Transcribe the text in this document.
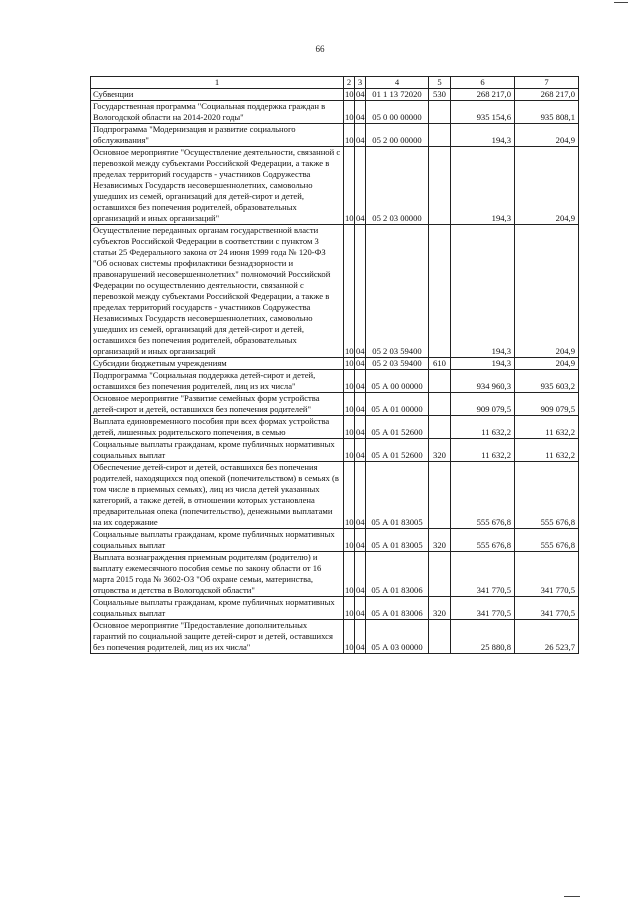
66
1	2	3	4	5	6	7
Субвенции	10	04	01 1 13 72020	530	268 217,0	268 217,0
Государственная программа "Социальная поддержка граждан в Вологодской области на 2014-2020 годы"	10	04	05 0 00 00000		935 154,6	935 808,1
Подпрограмма "Модернизация и развитие социального обслуживания"	10	04	05 2 00 00000		194,3	204,9
Основное мероприятие "Осуществление деятельности, связанной с перевозкой между субъектами Российской Федерации, а также в пределах территорий государств - участников Содружества Независимых Государств несовершеннолетних, самовольно ушедших из семей, организаций для детей-сирот и детей, оставшихся без попечения родителей, образовательных организаций и иных организаций"	10	04	05 2 03 00000		194,3	204,9
Осуществление переданных органам государственной власти субъектов Российской Федерации в соответствии с пунктом 3 статьи 25 Федерального закона от 24 июня 1999 года № 120-ФЗ "Об основах системы профилактики безнадзорности и правонарушений несовершеннолетних" полномочий Российской Федерации по осуществлению деятельности, связанной с перевозкой между субъектами Российской Федерации, а также в пределах территорий государств - участников Содружества Независимых Государств несовершеннолетних, самовольно ушедших из семей, организаций для детей-сирот и детей, оставшихся без попечения родителей, образовательных организаций и иных организаций	10	04	05 2 03 59400		194,3	204,9
Субсидии бюджетным учреждениям	10	04	05 2 03 59400	610	194,3	204,9
Подпрограмма "Социальная поддержка детей-сирот и детей, оставшихся без попечения родителей, лиц из их числа"	10	04	05 А 00 00000		934 960,3	935 603,2
Основное мероприятие "Развитие семейных форм устройства детей-сирот и детей, оставшихся без попечения родителей"	10	04	05 А 01 00000		909 079,5	909 079,5
Выплата единовременного пособия при всех формах устройства детей, лишенных родительского попечения, в семью	10	04	05 А 01 52600		11 632,2	11 632,2
Социальные выплаты гражданам, кроме публичных нормативных социальных выплат	10	04	05 А 01 52600	320	11 632,2	11 632,2
Обеспечение детей-сирот и детей, оставшихся без попечения родителей, находящихся под опекой (попечительством) в семьях (в том числе в приемных семьях), лиц из числа детей указанных категорий, а также детей, в отношении которых установлена предварительная опека (попечительство), денежными выплатами на их содержание	10	04	05 А 01 83005		555 676,8	555 676,8
Социальные выплаты гражданам, кроме публичных нормативных социальных выплат	10	04	05 А 01 83005	320	555 676,8	555 676,8
Выплата вознаграждения приемным родителям (родителю) и выплату ежемесячного пособия семье по закону области от 16 марта 2015 года № 3602-ОЗ "Об охране семьи, материнства, отцовства и детства в Вологодской области"	10	04	05 А 01 83006		341 770,5	341 770,5
Социальные выплаты гражданам, кроме публичных нормативных социальных выплат	10	04	05 А 01 83006	320	341 770,5	341 770,5
Основное мероприятие "Предоставление дополнительных гарантий по социальной защите детей-сирот и детей, оставшихся без попечения родителей, лиц из их числа"	10	04	05 А 03 00000		25 880,8	26 523,7
